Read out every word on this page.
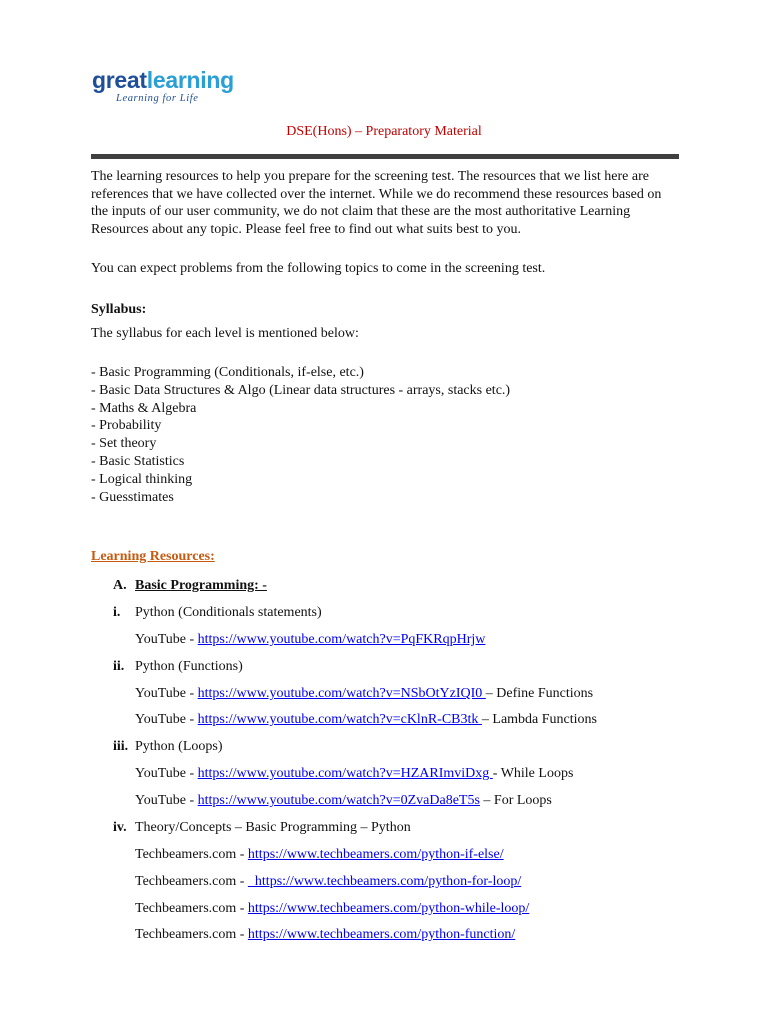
greatlearning
Learning for Life
DSE(Hons) – Preparatory Material

The learning resources to help you prepare for the screening test. The resources that we list here are references that we have collected over the internet. While we do recommend these resources based on the inputs of our user community, we do not claim that these are the most authoritative Learning Resources about any topic. Please feel free to find out what suits best to you.

You can expect problems from the following topics to come in the screening test.

Syllabus:
The syllabus for each level is mentioned below:
- Basic Programming (Conditionals, if-else, etc.)
- Basic Data Structures & Algo (Linear data structures - arrays, stacks etc.)
- Maths & Algebra
- Probability
- Set theory
- Basic Statistics
- Logical thinking
- Guesstimates
Learning Resources:
A. Basic Programming: -
i. Python (Conditionals statements)
YouTube - https://www.youtube.com/watch?v=PqFKRqpHrjw
ii. Python (Functions)
YouTube - https://www.youtube.com/watch?v=NSbOtYzIQI0 – Define Functions
YouTube - https://www.youtube.com/watch?v=cKlnR-CB3tk – Lambda Functions
iii. Python (Loops)
YouTube - https://www.youtube.com/watch?v=HZARImviDxg - While Loops
YouTube - https://www.youtube.com/watch?v=0ZvaDa8eT5s – For Loops
iv. Theory/Concepts – Basic Programming – Python
Techbeamers.com - https://www.techbeamers.com/python-if-else/
Techbeamers.com -   https://www.techbeamers.com/python-for-loop/
Techbeamers.com - https://www.techbeamers.com/python-while-loop/
Techbeamers.com - https://www.techbeamers.com/python-function/
